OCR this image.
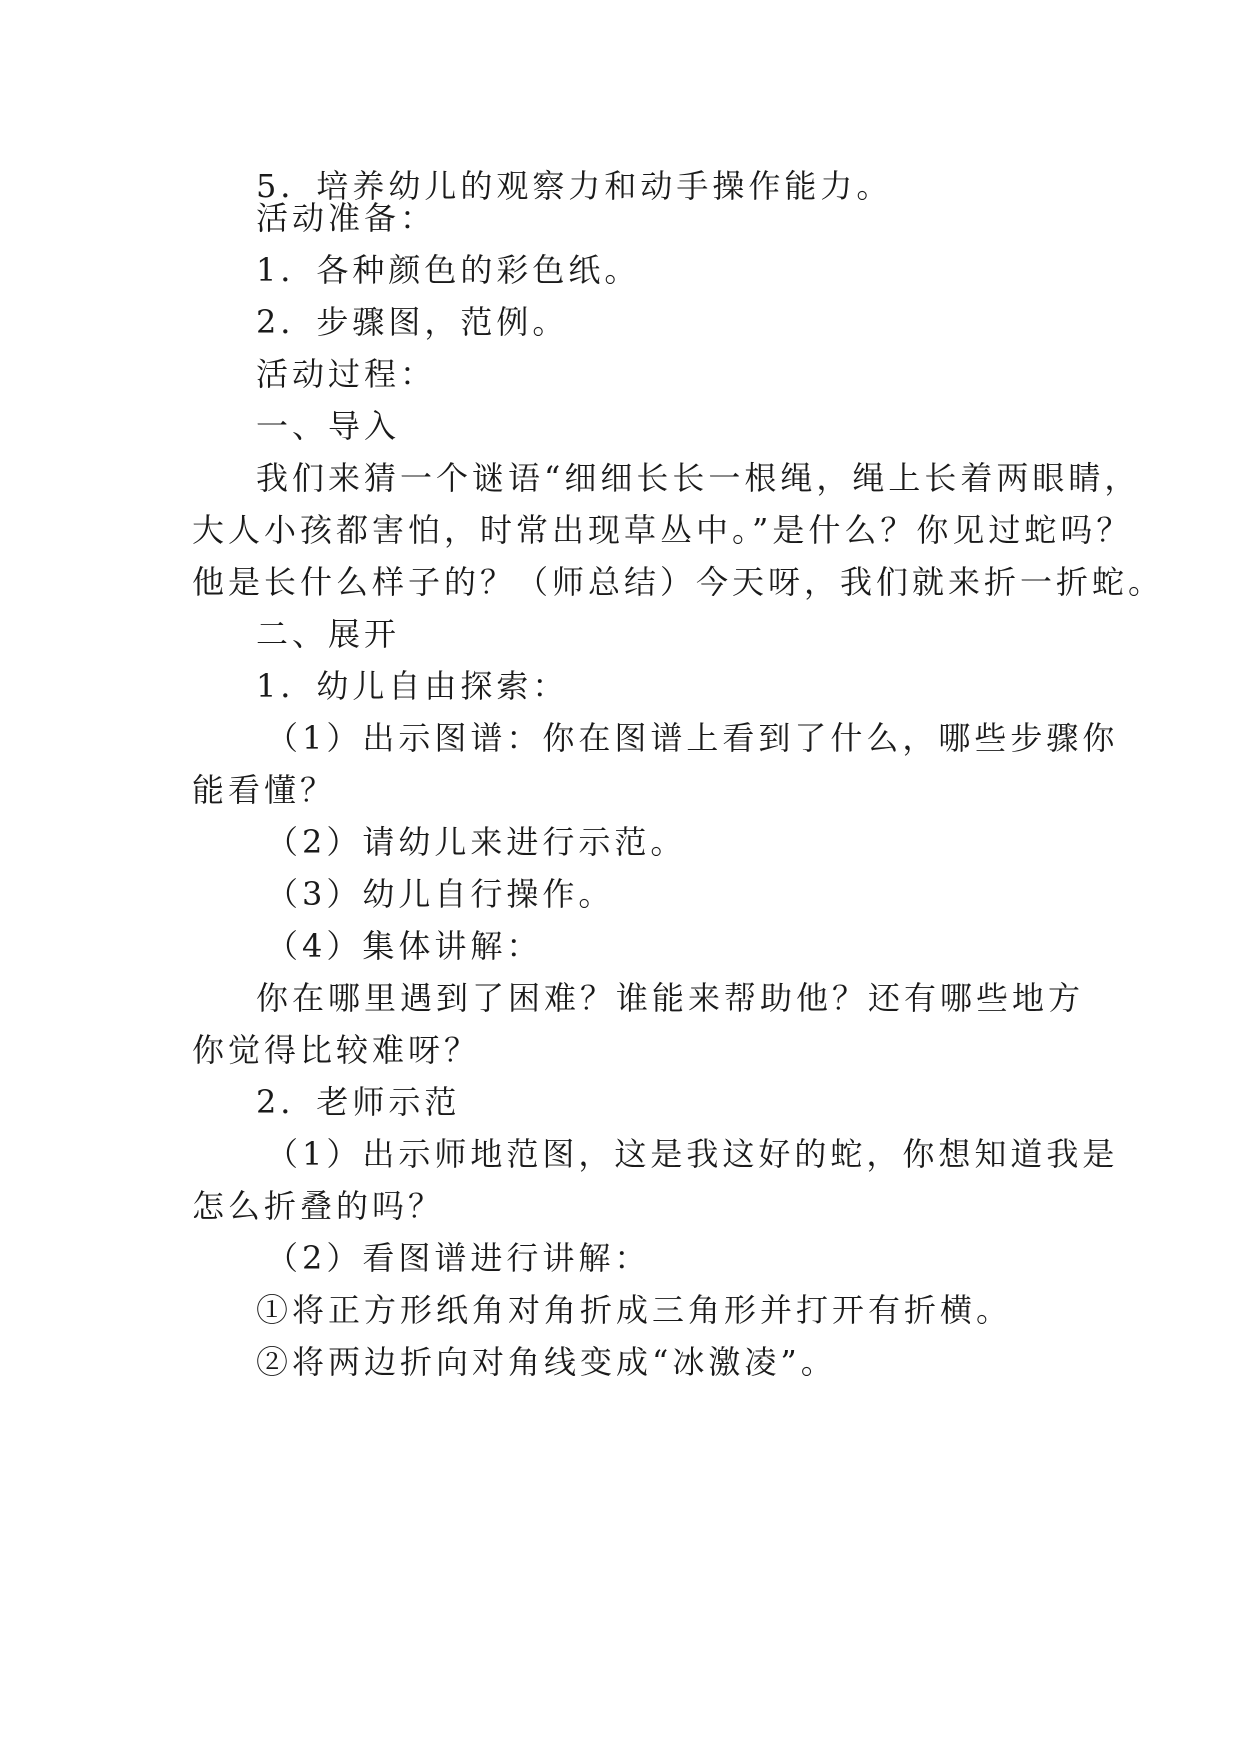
5．培养幼儿的观察力和动手操作能力。

活动准备：

1．各种颜色的彩色纸。

2．步骤图，范例。

活动过程：

一、导入

我们来猜一个谜语“细细长长一根绳，绳上长着两眼睛，

大人小孩都害怕，时常出现草丛中。”是什么？你见过蛇吗？

他是长什么样子的？（师总结）今天呀，我们就来折一折蛇。

二、展开

1．幼儿自由探索：

（1）出示图谱：你在图谱上看到了什么，哪些步骤你

能看懂？

（2）请幼儿来进行示范。

（3）幼儿自行操作。

（4）集体讲解：

你在哪里遇到了困难？谁能来帮助他？还有哪些地方

你觉得比较难呀？

2．老师示范

（1）出示师地范图，这是我这好的蛇，你想知道我是

怎么折叠的吗？

（2）看图谱进行讲解：

①将正方形纸角对角折成三角形并打开有折横。

②将两边折向对角线变成“冰激凌”。
